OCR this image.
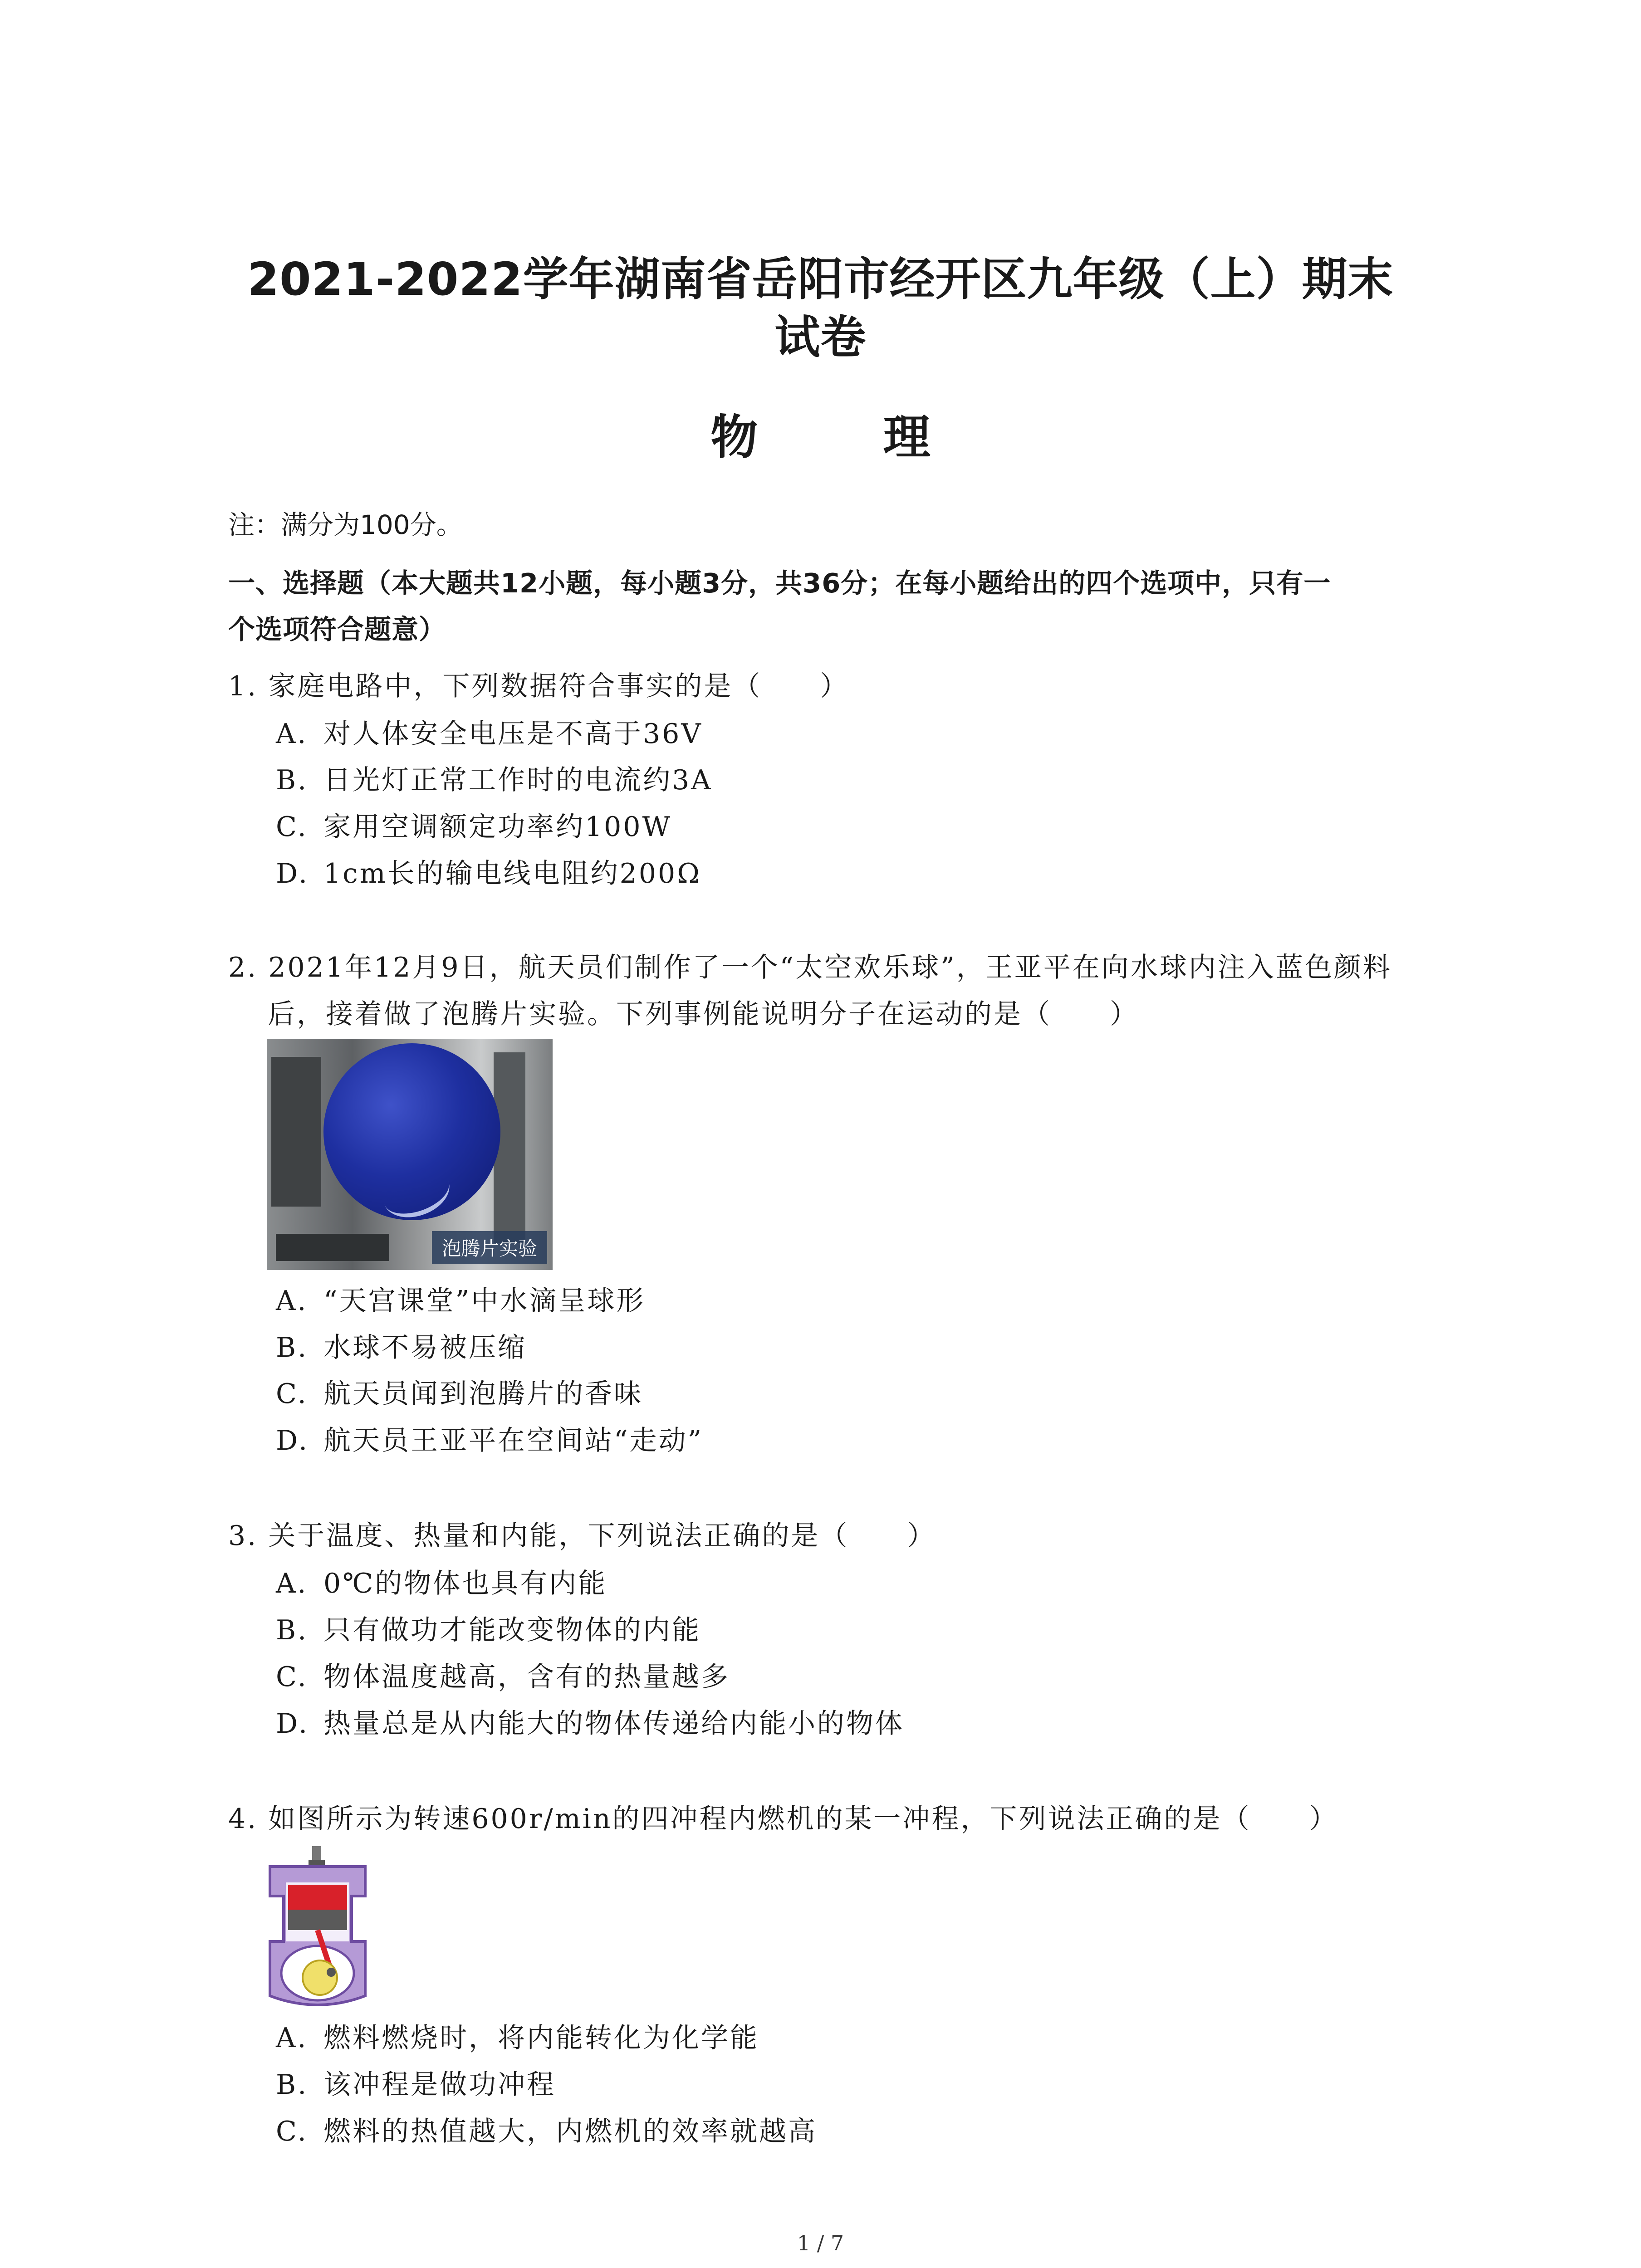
2021-2022学年湖南省岳阳市经开区九年级（上）期末
试卷
物 理
注：满分为100分。
一、选择题（本大题共12小题，每小题3分，共36分；在每小题给出的四个选项中，只有一
个选项符合题意）
1. 家庭电路中，下列数据符合事实的是（　　）
A. 对人体安全电压是不高于36V
B. 日光灯正常工作时的电流约3A
C. 家用空调额定功率约100W
D. 1cm长的输电线电阻约200Ω
2. 2021年12月9日，航天员们制作了一个“太空欢乐球”，王亚平在向水球内注入蓝色颜料
后，接着做了泡腾片实验。下列事例能说明分子在运动的是（　　）
泡腾片实验
A. “天宫课堂”中水滴呈球形
B. 水球不易被压缩
C. 航天员闻到泡腾片的香味
D. 航天员王亚平在空间站“走动”
3. 关于温度、热量和内能，下列说法正确的是（　　）
A. 0℃的物体也具有内能
B. 只有做功才能改变物体的内能
C. 物体温度越高，含有的热量越多
D. 热量总是从内能大的物体传递给内能小的物体
4. 如图所示为转速600r/min的四冲程内燃机的某一冲程，下列说法正确的是（　　）
A. 燃料燃烧时，将内能转化为化学能
B. 该冲程是做功冲程
C. 燃料的热值越大，内燃机的效率就越高
1 / 7
